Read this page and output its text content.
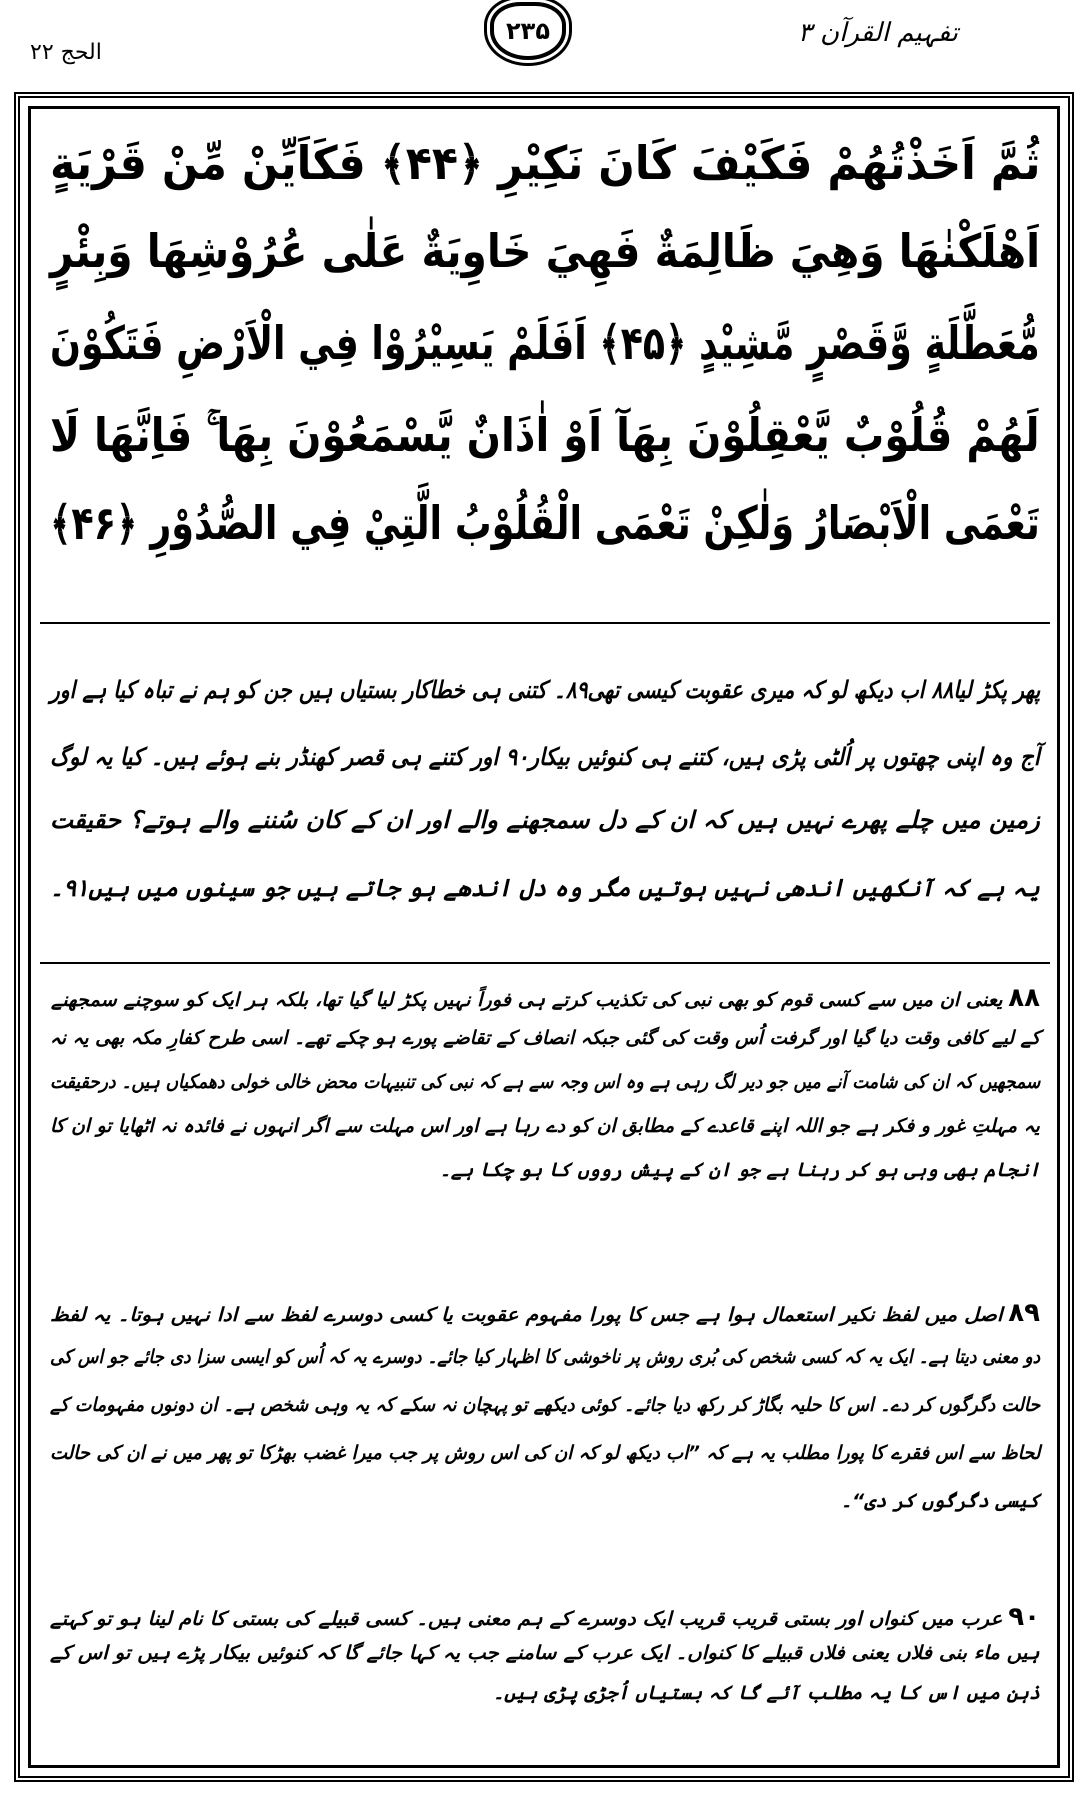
تفہیم القرآن ۳
۲۳۵
الحج ۲۲
ثُمَّ اَخَذْتُهُمْ فَكَيْفَ كَانَ نَكِيْرِ ﴿۴۴﴾ فَكَاَيِّنْ مِّنْ قَرْيَةٍ
اَهْلَكْنٰهَا وَهِيَ ظَالِمَةٌ فَهِيَ خَاوِيَةٌ عَلٰى عُرُوْشِهَا وَبِئْرٍ
مُّعَطَّلَةٍ وَّقَصْرٍ مَّشِيْدٍ ﴿۴۵﴾ اَفَلَمْ يَسِيْرُوْا فِي الْاَرْضِ فَتَكُوْنَ
لَهُمْ قُلُوْبٌ يَّعْقِلُوْنَ بِهَآ اَوْ اٰذَانٌ يَّسْمَعُوْنَ بِهَا ۚ فَاِنَّهَا لَا
تَعْمَى الْاَبْصَارُ وَلٰكِنْ تَعْمَى الْقُلُوْبُ الَّتِيْ فِي الصُّدُوْرِ ﴿۴۶﴾
پھر پکڑ لیا۸۸ اب دیکھ لو کہ میری عقوبت کیسی تھی۸۹۔ کتنی ہی خطاکار بستیاں ہیں جن کو ہم نے تباہ کیا ہے اور
آج وہ اپنی چھتوں پر اُلٹی پڑی ہیں، کتنے ہی کنوئیں بیکار۹۰ اور کتنے ہی قصر کھنڈر بنے ہوئے ہیں۔ کیا یہ لوگ
زمین میں چلے پھرے نہیں ہیں کہ ان کے دل سمجھنے والے اور ان کے کان سُننے والے ہوتے؟ حقیقت
یہ ہے کہ آنکھیں اندھی نہیں ہوتیں مگر وہ دل اندھے ہو جاتے ہیں جو سینوں میں ہیں۹۱۔
۸۸یعنی ان میں سے کسی قوم کو بھی نبی کی تکذیب کرتے ہی فوراً نہیں پکڑ لیا گیا تھا، بلکہ ہر ایک کو سوچنے سمجھنے
کے لیے کافی وقت دیا گیا اور گرفت اُس وقت کی گئی جبکہ انصاف کے تقاضے پورے ہو چکے تھے۔ اسی طرح کفارِ مکہ بھی یہ نہ
سمجھیں کہ ان کی شامت آنے میں جو دیر لگ رہی ہے وہ اس وجہ سے ہے کہ نبی کی تنبیہات محض خالی خولی دھمکیاں ہیں۔ درحقیقت
یہ مہلتِ غور و فکر ہے جو اللہ اپنے قاعدے کے مطابق ان کو دے رہا ہے اور اس مہلت سے اگر انہوں نے فائدہ نہ اٹھایا تو ان کا
انجام بھی وہی ہو کر رہنا ہے جو ان کے پیش رووں کا ہو چکا ہے۔
۸۹اصل میں لفظ نکیر استعمال ہوا ہے جس کا پورا مفہوم عقوبت یا کسی دوسرے لفظ سے ادا نہیں ہوتا۔ یہ لفظ
دو معنی دیتا ہے۔ ایک یہ کہ کسی شخص کی بُری روش پر ناخوشی کا اظہار کیا جائے۔ دوسرے یہ کہ اُس کو ایسی سزا دی جائے جو اس کی
حالت دگرگوں کر دے۔ اس کا حلیہ بگاڑ کر رکھ دیا جائے۔ کوئی دیکھے تو پہچان نہ سکے کہ یہ وہی شخص ہے۔ ان دونوں مفہومات کے
لحاظ سے اس فقرے کا پورا مطلب یہ ہے کہ ”اب دیکھ لو کہ ان کی اس روش پر جب میرا غضب بھڑکا تو پھر میں نے ان کی حالت
کیسی دگرگوں کر دی“۔
۹۰عرب میں کنواں اور بستی قریب قریب ایک دوسرے کے ہم معنی ہیں۔ کسی قبیلے کی بستی کا نام لینا ہو تو کہتے
ہیں ماء بنی فلاں یعنی فلاں قبیلے کا کنواں۔ ایک عرب کے سامنے جب یہ کہا جائے گا کہ کنوئیں بیکار پڑے ہیں تو اس کے
ذہن میں اس کا یہ مطلب آئے گا کہ بستیاں اُجڑی پڑی ہیں۔
